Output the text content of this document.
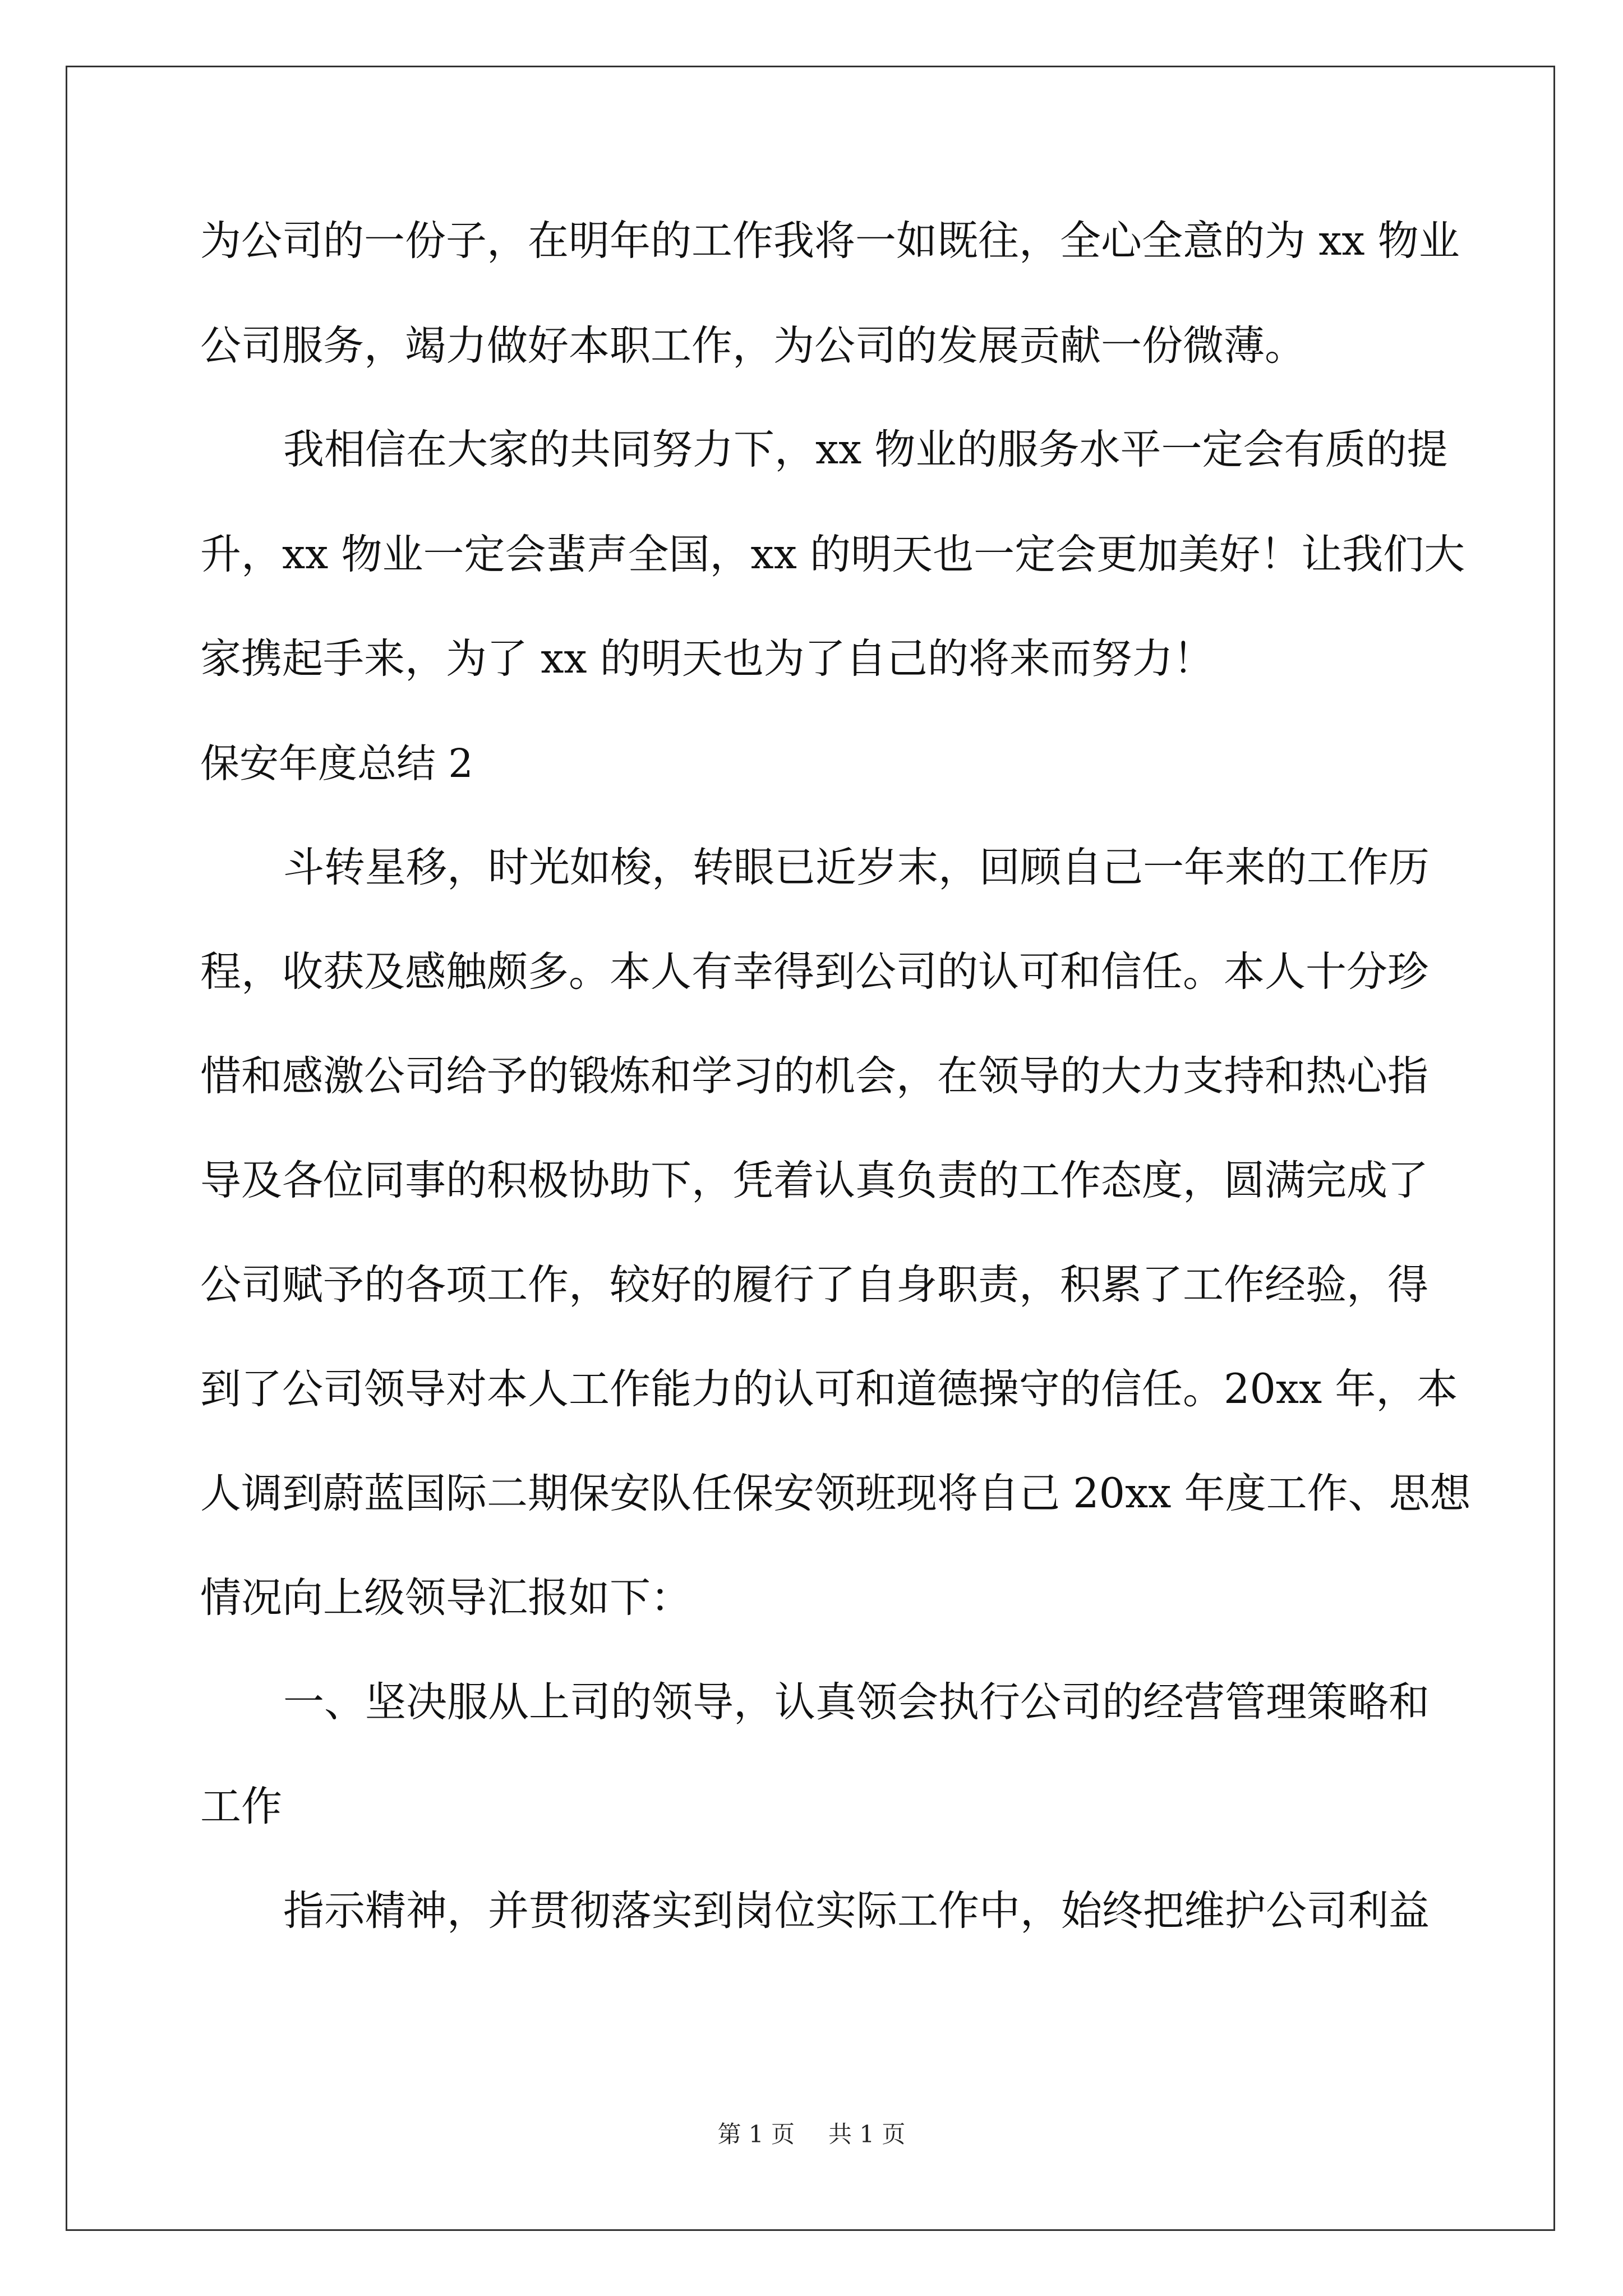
为公司的一份子，在明年的工作我将一如既往，全心全意的为 xx 物业
公司服务，竭力做好本职工作，为公司的发展贡献一份微薄。
我相信在大家的共同努力下，xx 物业的服务水平一定会有质的提
升，xx 物业一定会蜚声全国，xx 的明天也一定会更加美好！让我们大
家携起手来，为了 xx 的明天也为了自己的将来而努力！
保安年度总结 2
斗转星移，时光如梭，转眼已近岁末，回顾自己一年来的工作历
程，收获及感触颇多。本人有幸得到公司的认可和信任。本人十分珍
惜和感激公司给予的锻炼和学习的机会，在领导的大力支持和热心指
导及各位同事的积极协助下，凭着认真负责的工作态度，圆满完成了
公司赋予的各项工作，较好的履行了自身职责，积累了工作经验，得
到了公司领导对本人工作能力的认可和道德操守的信任。20xx 年，本
人调到蔚蓝国际二期保安队任保安领班现将自己 20xx 年度工作、思想
情况向上级领导汇报如下：
一、坚决服从上司的领导，认真领会执行公司的经营管理策略和
工作
指示精神，并贯彻落实到岗位实际工作中，始终把维护公司利益
第 1 页 共 1 页
